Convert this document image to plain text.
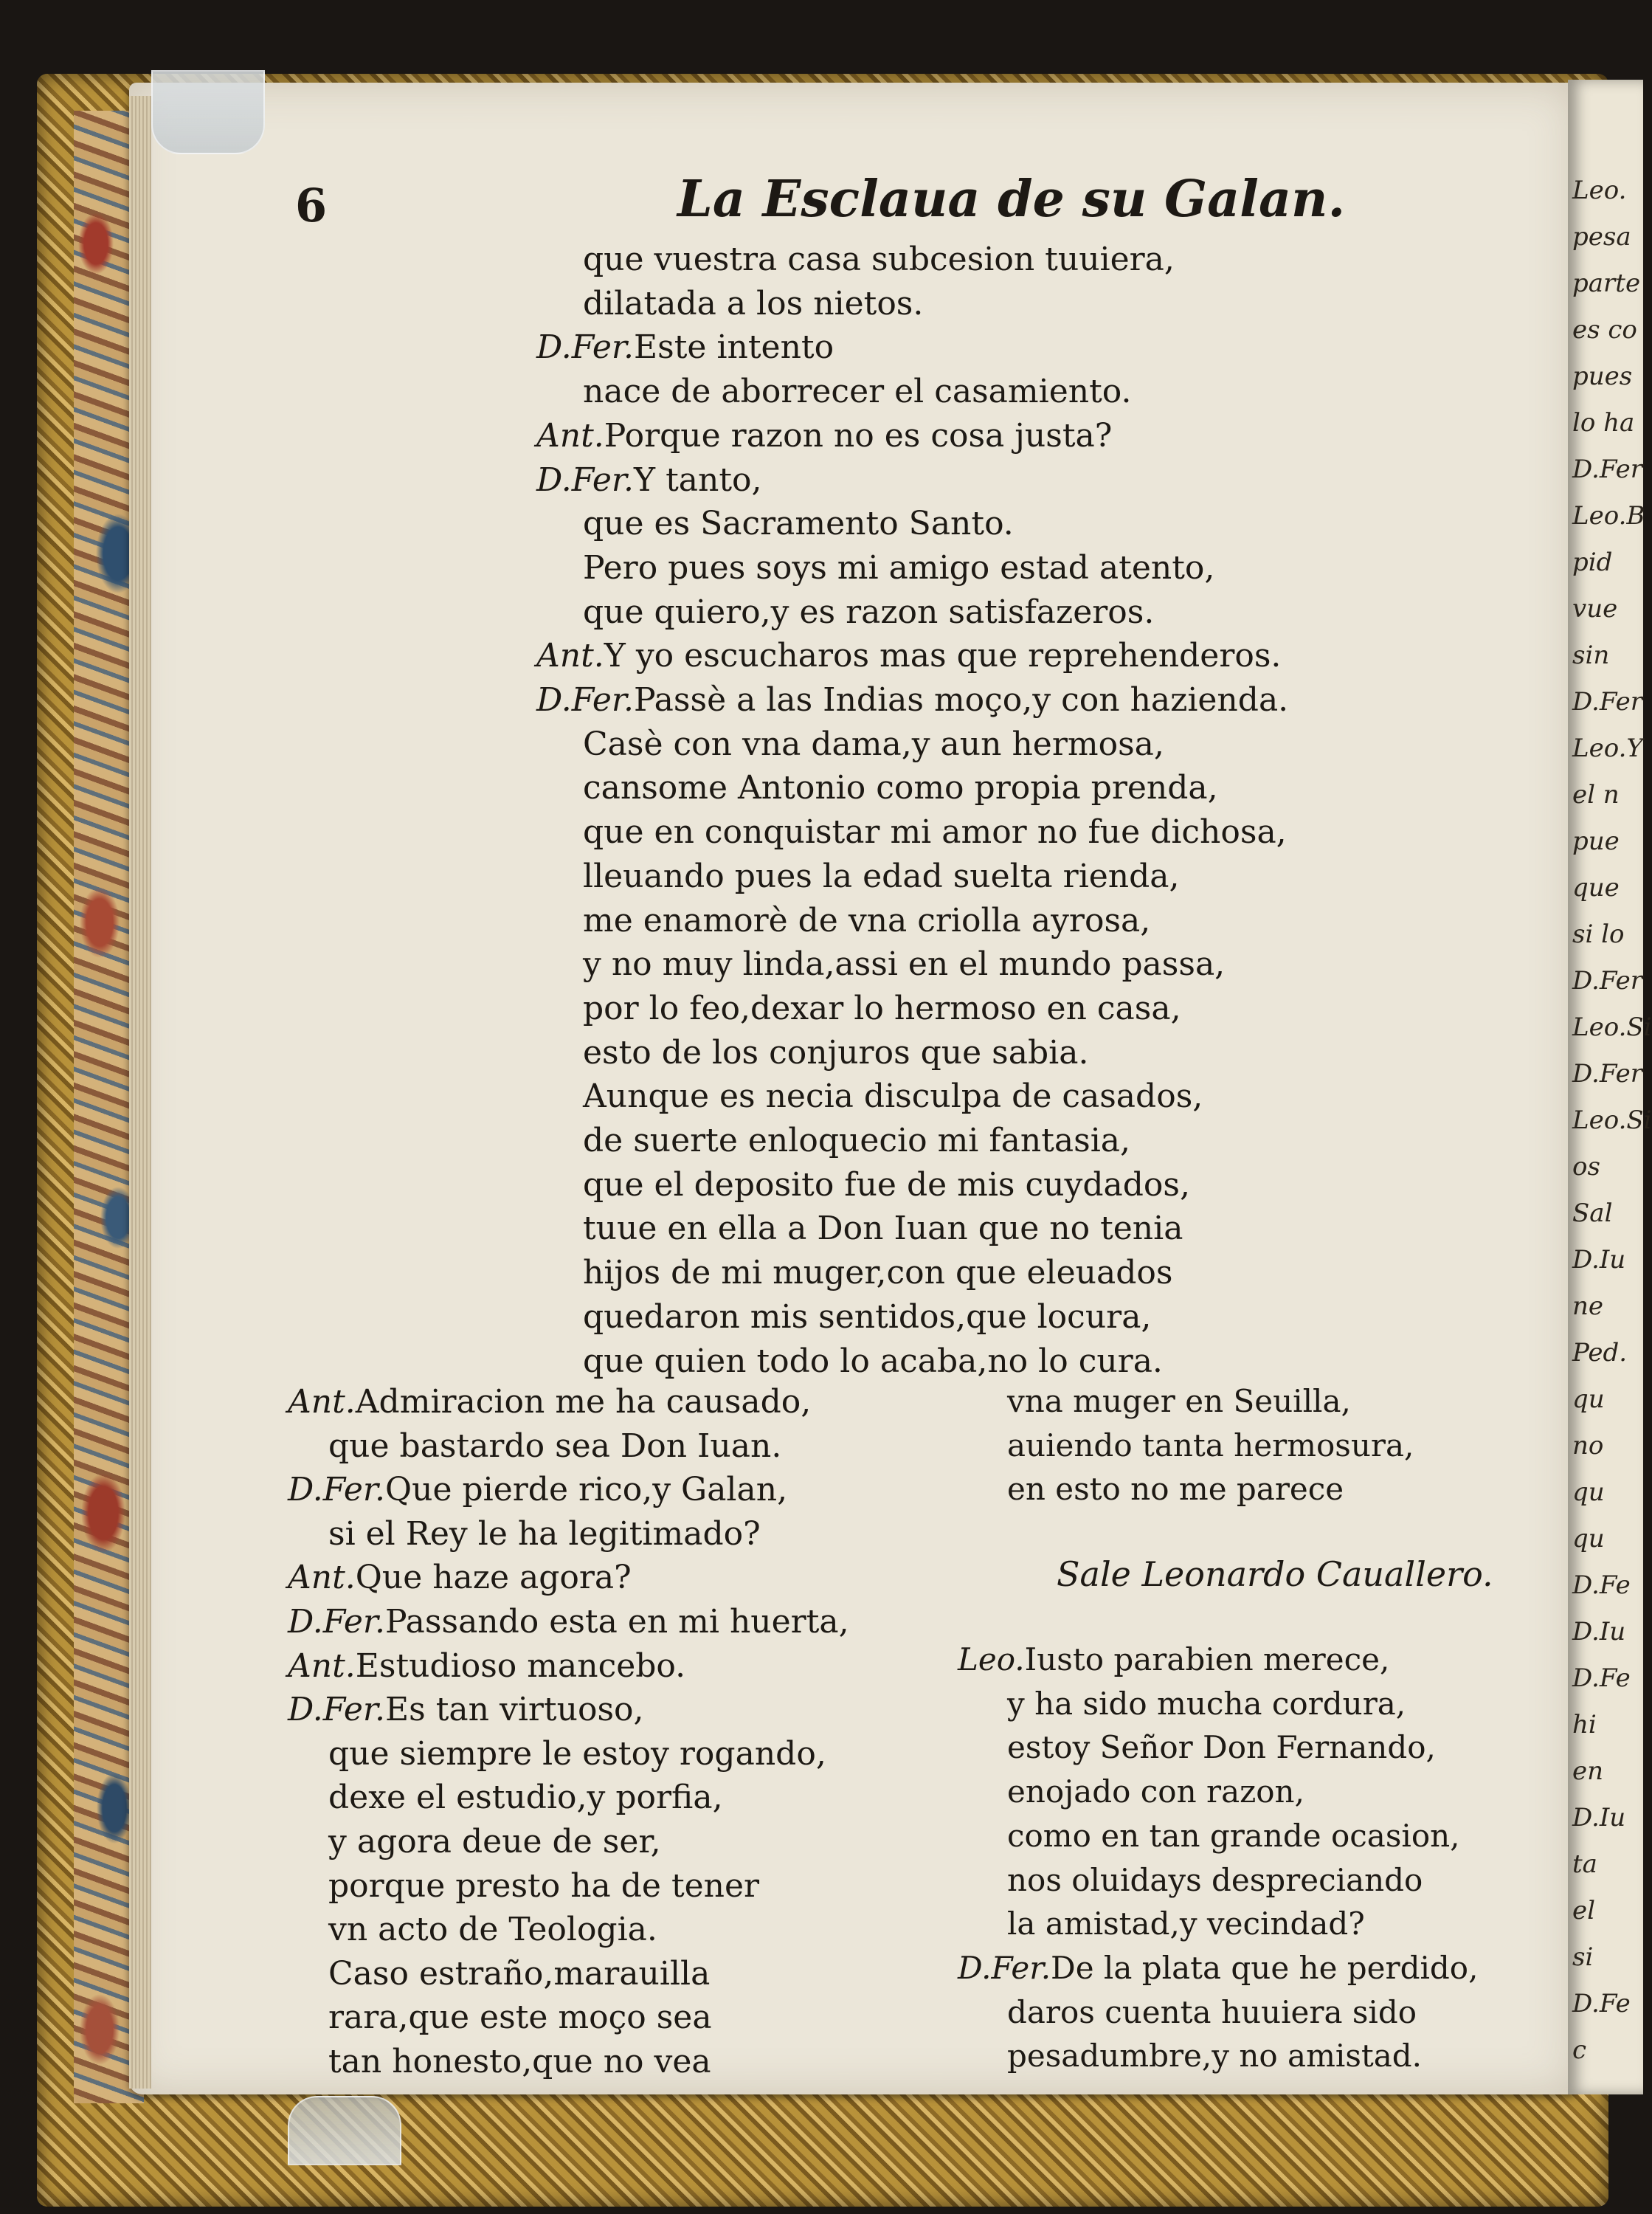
Leo.
pesa
parte
es co
pues
lo ha
D.Fer
Leo.B
pid
vue
sin
D.Fer
Leo.Y
el n
pue
que
si lo
D.Fer
Leo.Si
D.Fer
Leo.Si
os
Sal
D.Iu
ne
Ped.
qu
no
qu
qu
D.Fe
D.Iu
D.Fe
hi
en
D.Iu
ta
el
si
D.Fe
c
6	La Esclaua de su Galan.
que vuestra casa subcesion tuuiera,
dilatada a los nietos.
D.Fer.Este intento
nace de aborrecer el casamiento.
Ant.Porque razon no es cosa justa?
D.Fer.Y tanto,
que es Sacramento Santo.
Pero pues soys mi amigo estad atento,
que quiero,y es razon satisfazeros.
Ant.Y yo escucharos mas que reprehenderos.
D.Fer.Passè a las Indias moço,y con hazienda.
Casè con vna dama,y aun hermosa,
cansome Antonio como propia prenda,
que en conquistar mi amor no fue dichosa,
lleuando pues la edad suelta rienda,
me enamorè de vna criolla ayrosa,
y no muy linda,assi en el mundo passa,
por lo feo,dexar lo hermoso en casa,
esto de los conjuros que sabia.
Aunque es necia disculpa de casados,
de suerte enloquecio mi fantasia,
que el deposito fue de mis cuydados,
tuue en ella a Don Iuan que no tenia
hijos de mi muger,con que eleuados
quedaron mis sentidos,que locura,
que quien todo lo acaba,no lo cura.
Ant.Admiracion me ha causado,
que bastardo sea Don Iuan.
D.Fer.Que pierde rico,y Galan,
si el Rey le ha legitimado?
Ant.Que haze agora?
D.Fer.Passando esta en mi huerta,
Ant.Estudioso mancebo.
D.Fer.Es tan virtuoso,
que siempre le estoy rogando,
dexe el estudio,y porfia,
y agora deue de ser,
porque presto ha de tener
vn acto de Teologia.
Caso estraño,marauilla
rara,que este moço sea
tan honesto,que no vea
vna muger en Seuilla,
auiendo tanta hermosura,
en esto no me parece
Sale Leonardo Cauallero.
Leo.Iusto parabien merece,
y ha sido mucha cordura,
estoy Señor Don Fernando,
enojado con razon,
como en tan grande ocasion,
nos oluidays despreciando
la amistad,y vecindad?
D.Fer.De la plata que he perdido,
daros cuenta huuiera sido
pesadumbre,y no amistad.
